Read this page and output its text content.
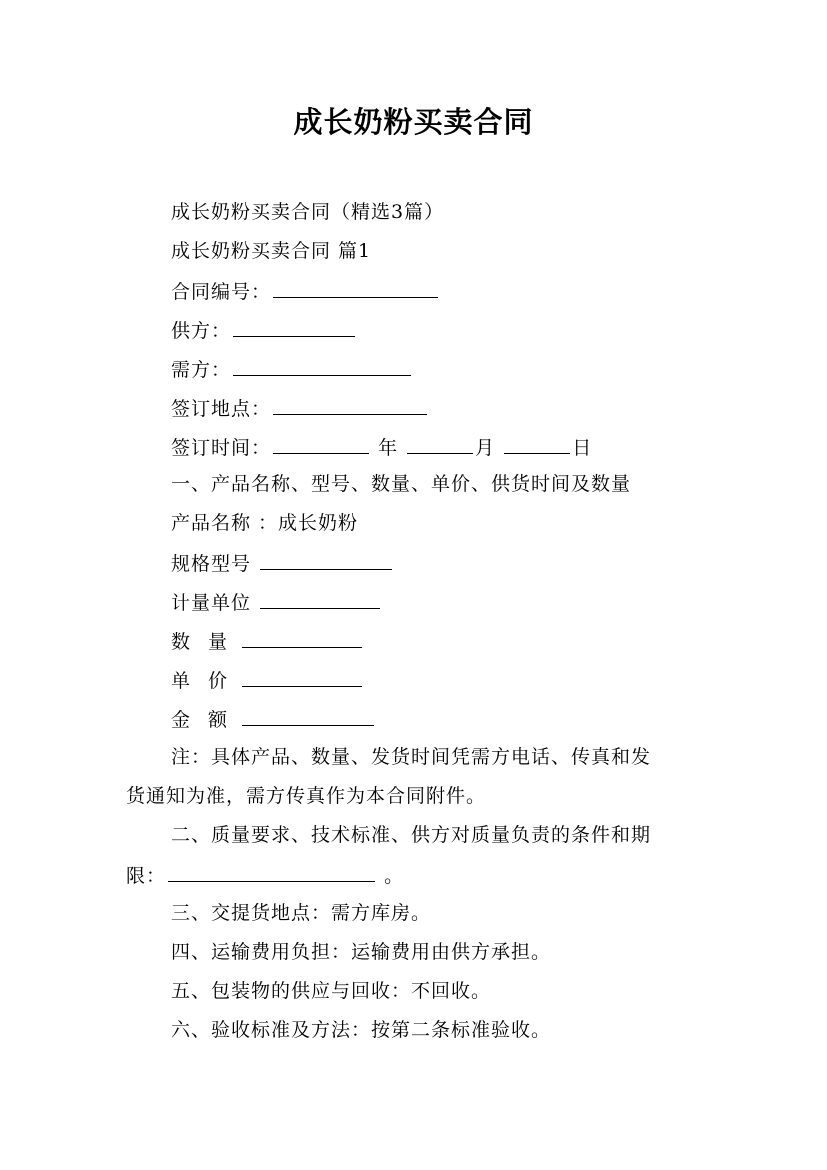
成长奶粉买卖合同
成长奶粉买卖合同（精选3篇）
成长奶粉买卖合同 篇1
合同编号：
供方：
需方：
签订地点：
签订时间：	年	月	日
一、产品名称、型号、数量、单价、供货时间及数量
产品名称 ：成长奶粉
规格型号
计量单位
数 量
单 价
金 额
注：具体产品、数量、发货时间凭需方电话、传真和发
货通知为准，需方传真作为本合同附件。
二、质量要求、技术标准、供方对质量负责的条件和期
限：	。
三、交提货地点：需方库房。
四、运输费用负担：运输费用由供方承担。
五、包装物的供应与回收：不回收。
六、验收标准及方法：按第二条标准验收。
